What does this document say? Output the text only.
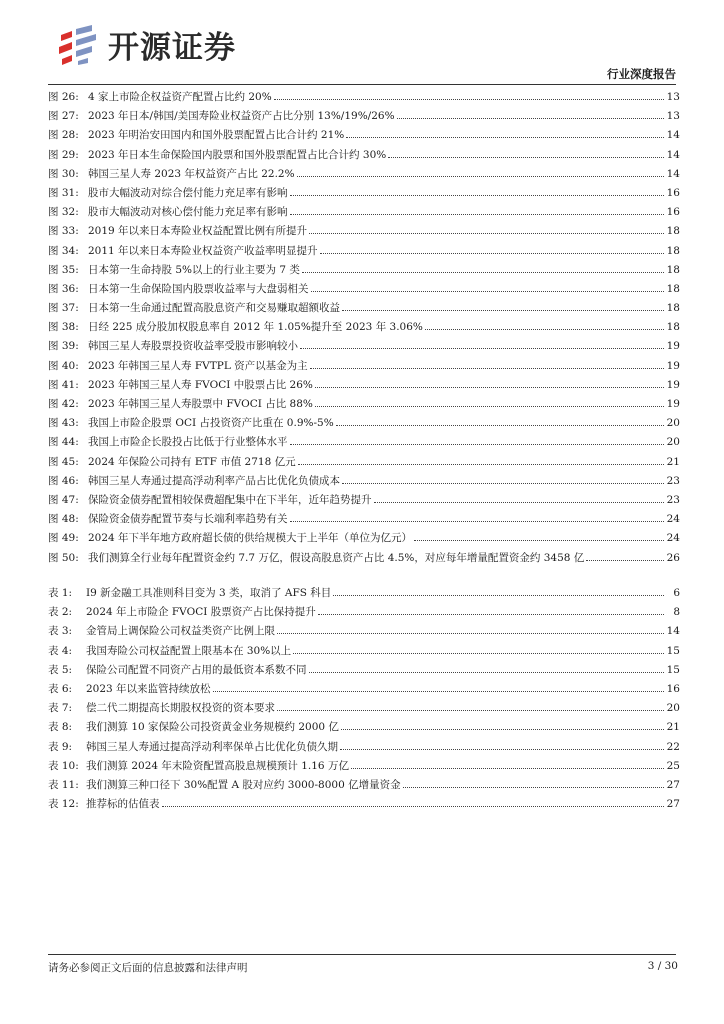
开源证券
行业深度报告
图 26: 4 家上市险企权益资产配置占比约 20%	13
图 27: 2023 年日本/韩国/美国寿险业权益资产占比分别 13%/19%/26%	13
图 28: 2023 年明治安田国内和国外股票配置占比合计约 21%	14
图 29: 2023 年日本生命保险国内股票和国外股票配置占比合计约 30%	14
图 30: 韩国三星人寿 2023 年权益资产占比 22.2%	14
图 31: 股市大幅波动对综合偿付能力充足率有影响	16
图 32: 股市大幅波动对核心偿付能力充足率有影响	16
图 33: 2019 年以来日本寿险业权益配置比例有所提升	18
图 34: 2011 年以来日本寿险业权益资产收益率明显提升	18
图 35: 日本第一生命持股 5%以上的行业主要为 7 类	18
图 36: 日本第一生命保险国内股票收益率与大盘弱相关	18
图 37: 日本第一生命通过配置高股息资产和交易赚取超额收益	18
图 38: 日经 225 成分股加权股息率自 2012 年 1.05%提升至 2023 年 3.06%	18
图 39: 韩国三星人寿股票投资收益率受股市影响较小	19
图 40: 2023 年韩国三星人寿 FVTPL 资产以基金为主	19
图 41: 2023 年韩国三星人寿 FVOCI 中股票占比 26%	19
图 42: 2023 年韩国三星人寿股票中 FVOCI 占比 88%	19
图 43: 我国上市险企股票 OCI 占投资资产比重在 0.9%-5%	20
图 44: 我国上市险企长股投占比低于行业整体水平	20
图 45: 2024 年保险公司持有 ETF 市值 2718 亿元	21
图 46: 韩国三星人寿通过提高浮动利率产品占比优化负债成本	23
图 47: 保险资金债券配置相较保费超配集中在下半年，近年趋势提升	23
图 48: 保险资金债券配置节奏与长端利率趋势有关	24
图 49: 2024 年下半年地方政府超长债的供给规模大于上半年（单位为亿元）	24
图 50: 我们测算全行业每年配置资金约 7.7 万亿，假设高股息资产占比 4.5%，对应每年增量配置资金约 3458 亿	26
表 1:	I9 新金融工具准则科目变为 3 类，取消了 AFS 科目	6
表 2:	2024 年上市险企 FVOCI 股票资产占比保持提升	8
表 3:	金管局上调保险公司权益类资产比例上限	14
表 4:	我国寿险公司权益配置上限基本在 30%以上	15
表 5:	保险公司配置不同资产占用的最低资本系数不同	15
表 6:	2023 年以来监管持续放松	16
表 7:	偿二代二期提高长期股权投资的资本要求	20
表 8:	我们测算 10 家保险公司投资黄金业务规模约 2000 亿	21
表 9:	韩国三星人寿通过提高浮动利率保单占比优化负债久期	22
表 10: 我们测算 2024 年末险资配置高股息规模预计 1.16 万亿	25
表 11: 我们测算三种口径下 30%配置 A 股对应约 3000-8000 亿增量资金	27
表 12: 推荐标的估值表	27
请务必参阅正文后面的信息披露和法律声明	3 / 30
